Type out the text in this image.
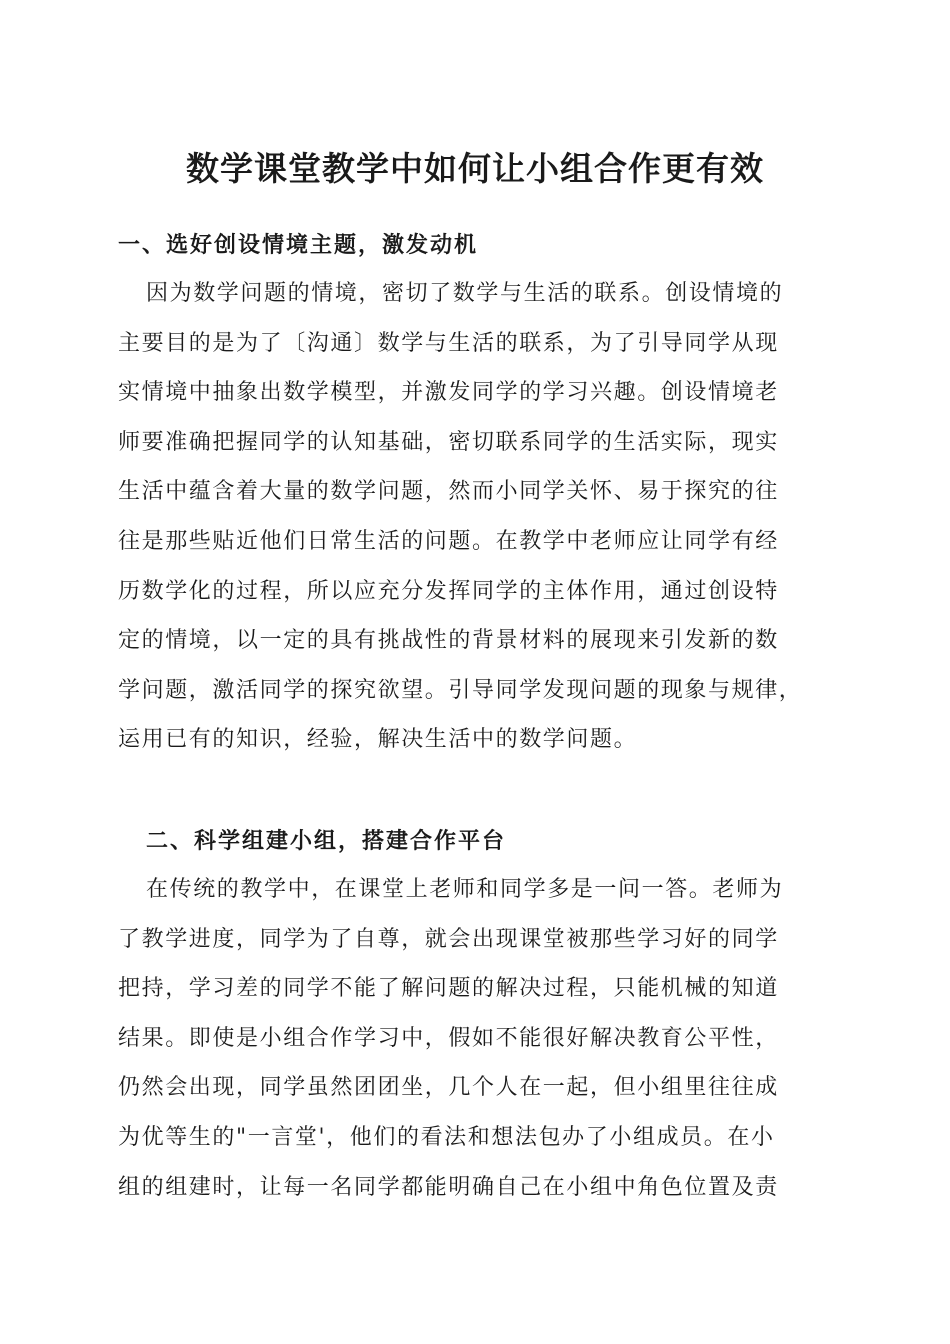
数学课堂教学中如何让小组合作更有效
一、选好创设情境主题，激发动机
因为数学问题的情境，密切了数学与生活的联系。创设情境的
主要目的是为了〔沟通〕数学与生活的联系，为了引导同学从现
实情境中抽象出数学模型，并激发同学的学习兴趣。创设情境老
师要准确把握同学的认知基础，密切联系同学的生活实际，现实
生活中蕴含着大量的数学问题，然而小同学关怀、易于探究的往
往是那些贴近他们日常生活的问题。在教学中老师应让同学有经
历数学化的过程，所以应充分发挥同学的主体作用，通过创设特
定的情境，以一定的具有挑战性的背景材料的展现来引发新的数
学问题，激活同学的探究欲望。引导同学发现问题的现象与规律，
运用已有的知识，经验，解决生活中的数学问题。
二、科学组建小组，搭建合作平台
在传统的教学中，在课堂上老师和同学多是一问一答。老师为
了教学进度，同学为了自尊，就会出现课堂被那些学习好的同学
把持，学习差的同学不能了解问题的解决过程，只能机械的知道
结果。即使是小组合作学习中，假如不能很好解决教育公平性，
仍然会出现，同学虽然团团坐，几个人在一起，但小组里往往成
为优等生的"一言堂'，他们的看法和想法包办了小组成员。在小
组的组建时，让每一名同学都能明确自己在小组中角色位置及责
